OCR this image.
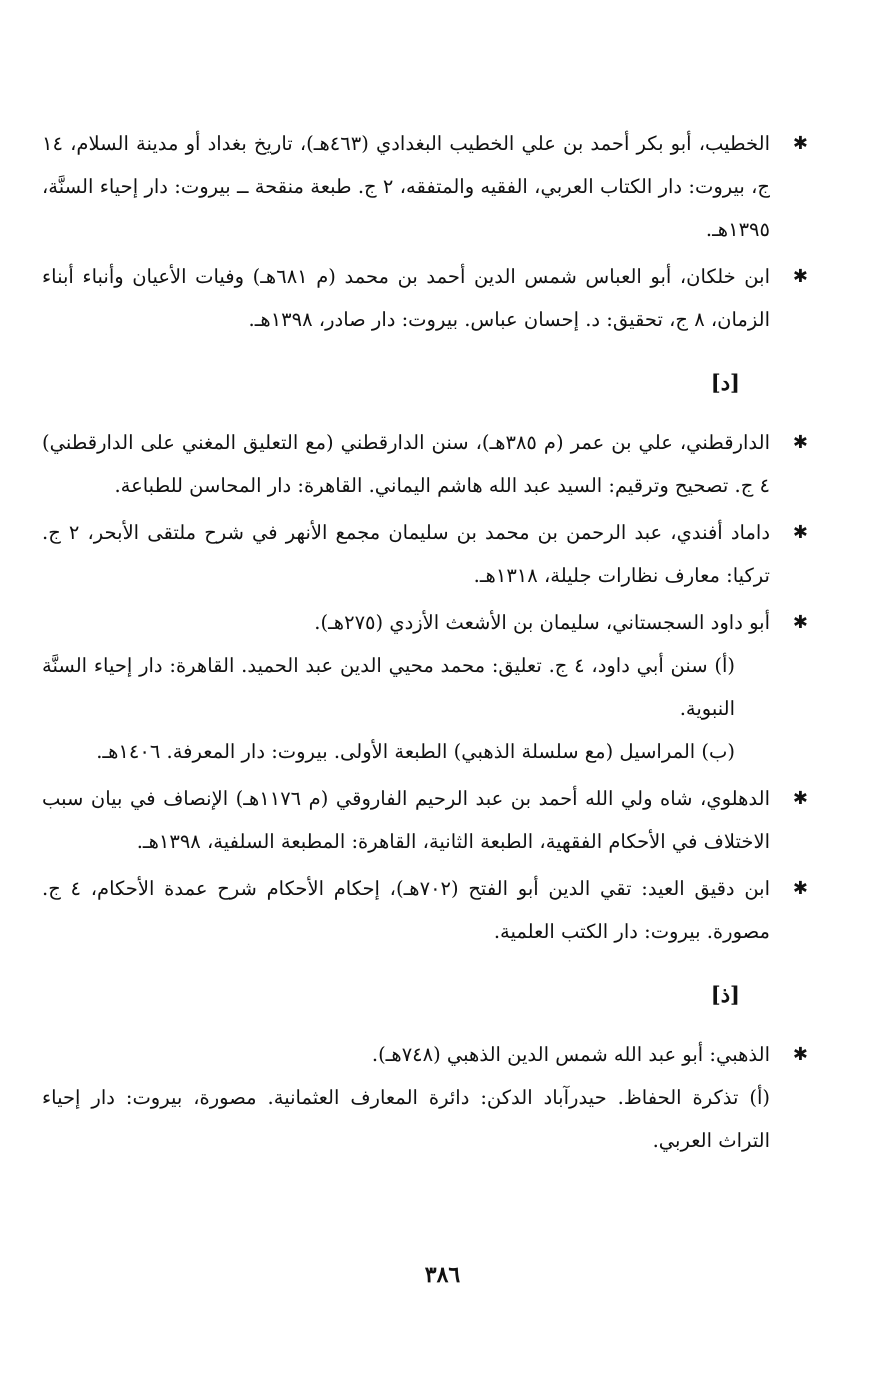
✱
الخطيب، أبو بكر أحمد بن علي الخطيب البغدادي (٤٦٣هـ)، تاريخ بغداد أو مدينة السلام، ١٤ ج، بيروت: دار الكتاب العربي، الفقيه والمتفقه، ٢ ج. طبعة منقحة ــ بيروت: دار إحياء السنَّة، ١٣٩٥هـ.
✱
ابن خلكان، أبو العباس شمس الدين أحمد بن محمد (م ٦٨١هـ) وفيات الأعيان وأنباء أبناء الزمان، ٨ ج، تحقيق: د. إحسان عباس. بيروت: دار صادر، ١٣٩٨هـ.
[د]
✱
الدارقطني، علي بن عمر (م ٣٨٥هـ)، سنن الدارقطني (مع التعليق المغني على الدارقطني) ٤ ج. تصحيح وترقيم: السيد عبد الله هاشم اليماني. القاهرة: دار المحاسن للطباعة.
✱
داماد أفندي، عبد الرحمن بن محمد بن سليمان مجمع الأنهر في شرح ملتقى الأبحر، ٢ ج. تركيا: معارف نظارات جليلة، ١٣١٨هـ.
✱
أبو داود السجستاني، سليمان بن الأشعث الأزدي (٢٧٥هـ).
(أ) سنن أبي داود، ٤ ج. تعليق: محمد محيي الدين عبد الحميد. القاهرة: دار إحياء السنَّة النبوية.
(ب) المراسيل (مع سلسلة الذهبي) الطبعة الأولى. بيروت: دار المعرفة. ١٤٠٦هـ.
✱
الدهلوي، شاه ولي الله أحمد بن عبد الرحيم الفاروقي (م ١١٧٦هـ) الإنصاف في بيان سبب الاختلاف في الأحكام الفقهية، الطبعة الثانية، القاهرة: المطبعة السلفية، ١٣٩٨هـ.
✱
ابن دقيق العيد: تقي الدين أبو الفتح (٧٠٢هـ)، إحكام الأحكام شرح عمدة الأحكام، ٤ ج. مصورة. بيروت: دار الكتب العلمية.
[ذ]
✱
الذهبي: أبو عبد الله شمس الدين الذهبي (٧٤٨هـ).
(أ) تذكرة الحفاظ. حيدرآباد الدكن: دائرة المعارف العثمانية. مصورة، بيروت: دار إحياء التراث العربي.
٣٨٦
